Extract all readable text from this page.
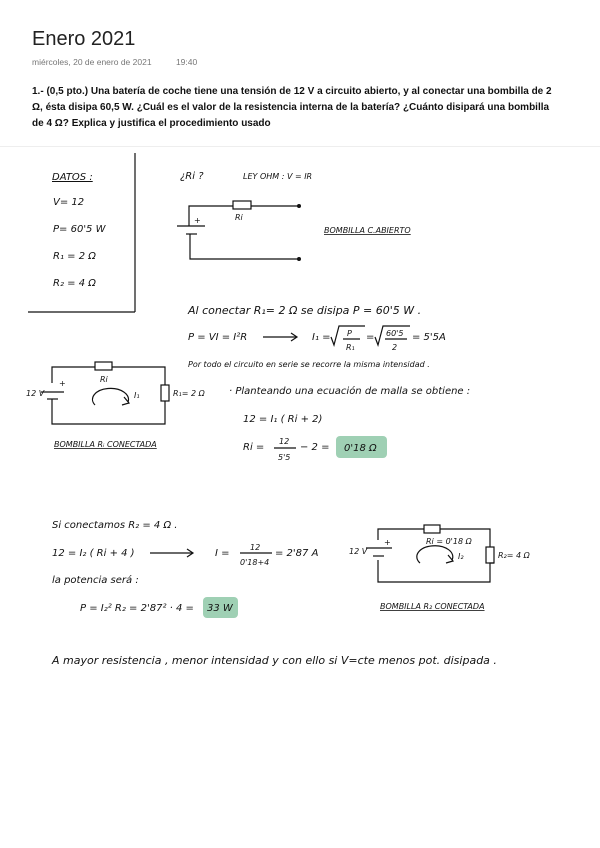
Enero 2021
miércoles, 20 de enero de 2021	19:40
1.- (0,5 pto.) Una batería de coche tiene una tensión de 12 V a circuito abierto, y al conectar una bombilla de 2 Ω, ésta disipa 60,5 W. ¿Cuál es el valor de la resistencia interna de la batería? ¿Cuánto disipará una bombilla de 4 Ω? Explica y justifica el procedimiento usado
DATOS :
V= 12
P= 60'5 W
R₁ = 2 Ω
R₂ = 4 Ω
¿Ri ?	LEY OHM : V = IR
+	Ri
BOMBILLA C.ABIERTO
Al conectar R₁= 2 Ω se disipa P = 60'5 W .
P = VI = I²R	I₁ = P
R₁
= 60'5
2
= 5'5A
Por todo el circuito en serie se recorre la misma intensidad .
12 V
+	Ri
I₁	R₁= 2 Ω
BOMBILLA Rᵢ CONECTADA
· Planteando una ecuación de malla se obtiene :
12 = I₁ ( Ri + 2)
Ri =
12
5'5
− 2 = 0'18 Ω
Si conectamos R₂ = 4 Ω .
12 = I₂ ( Ri + 4 )	I =
12
0'18+4
= 2'87 A
la potencia será :
P = I₂² R₂ = 2'87² · 4 = 33 W
12 V
+	Ri = 0'18 Ω
I₂	R₂= 4 Ω
BOMBILLA R₂ CONECTADA
A mayor resistencia , menor intensidad y con ello si V=cte menos pot. disipada .
